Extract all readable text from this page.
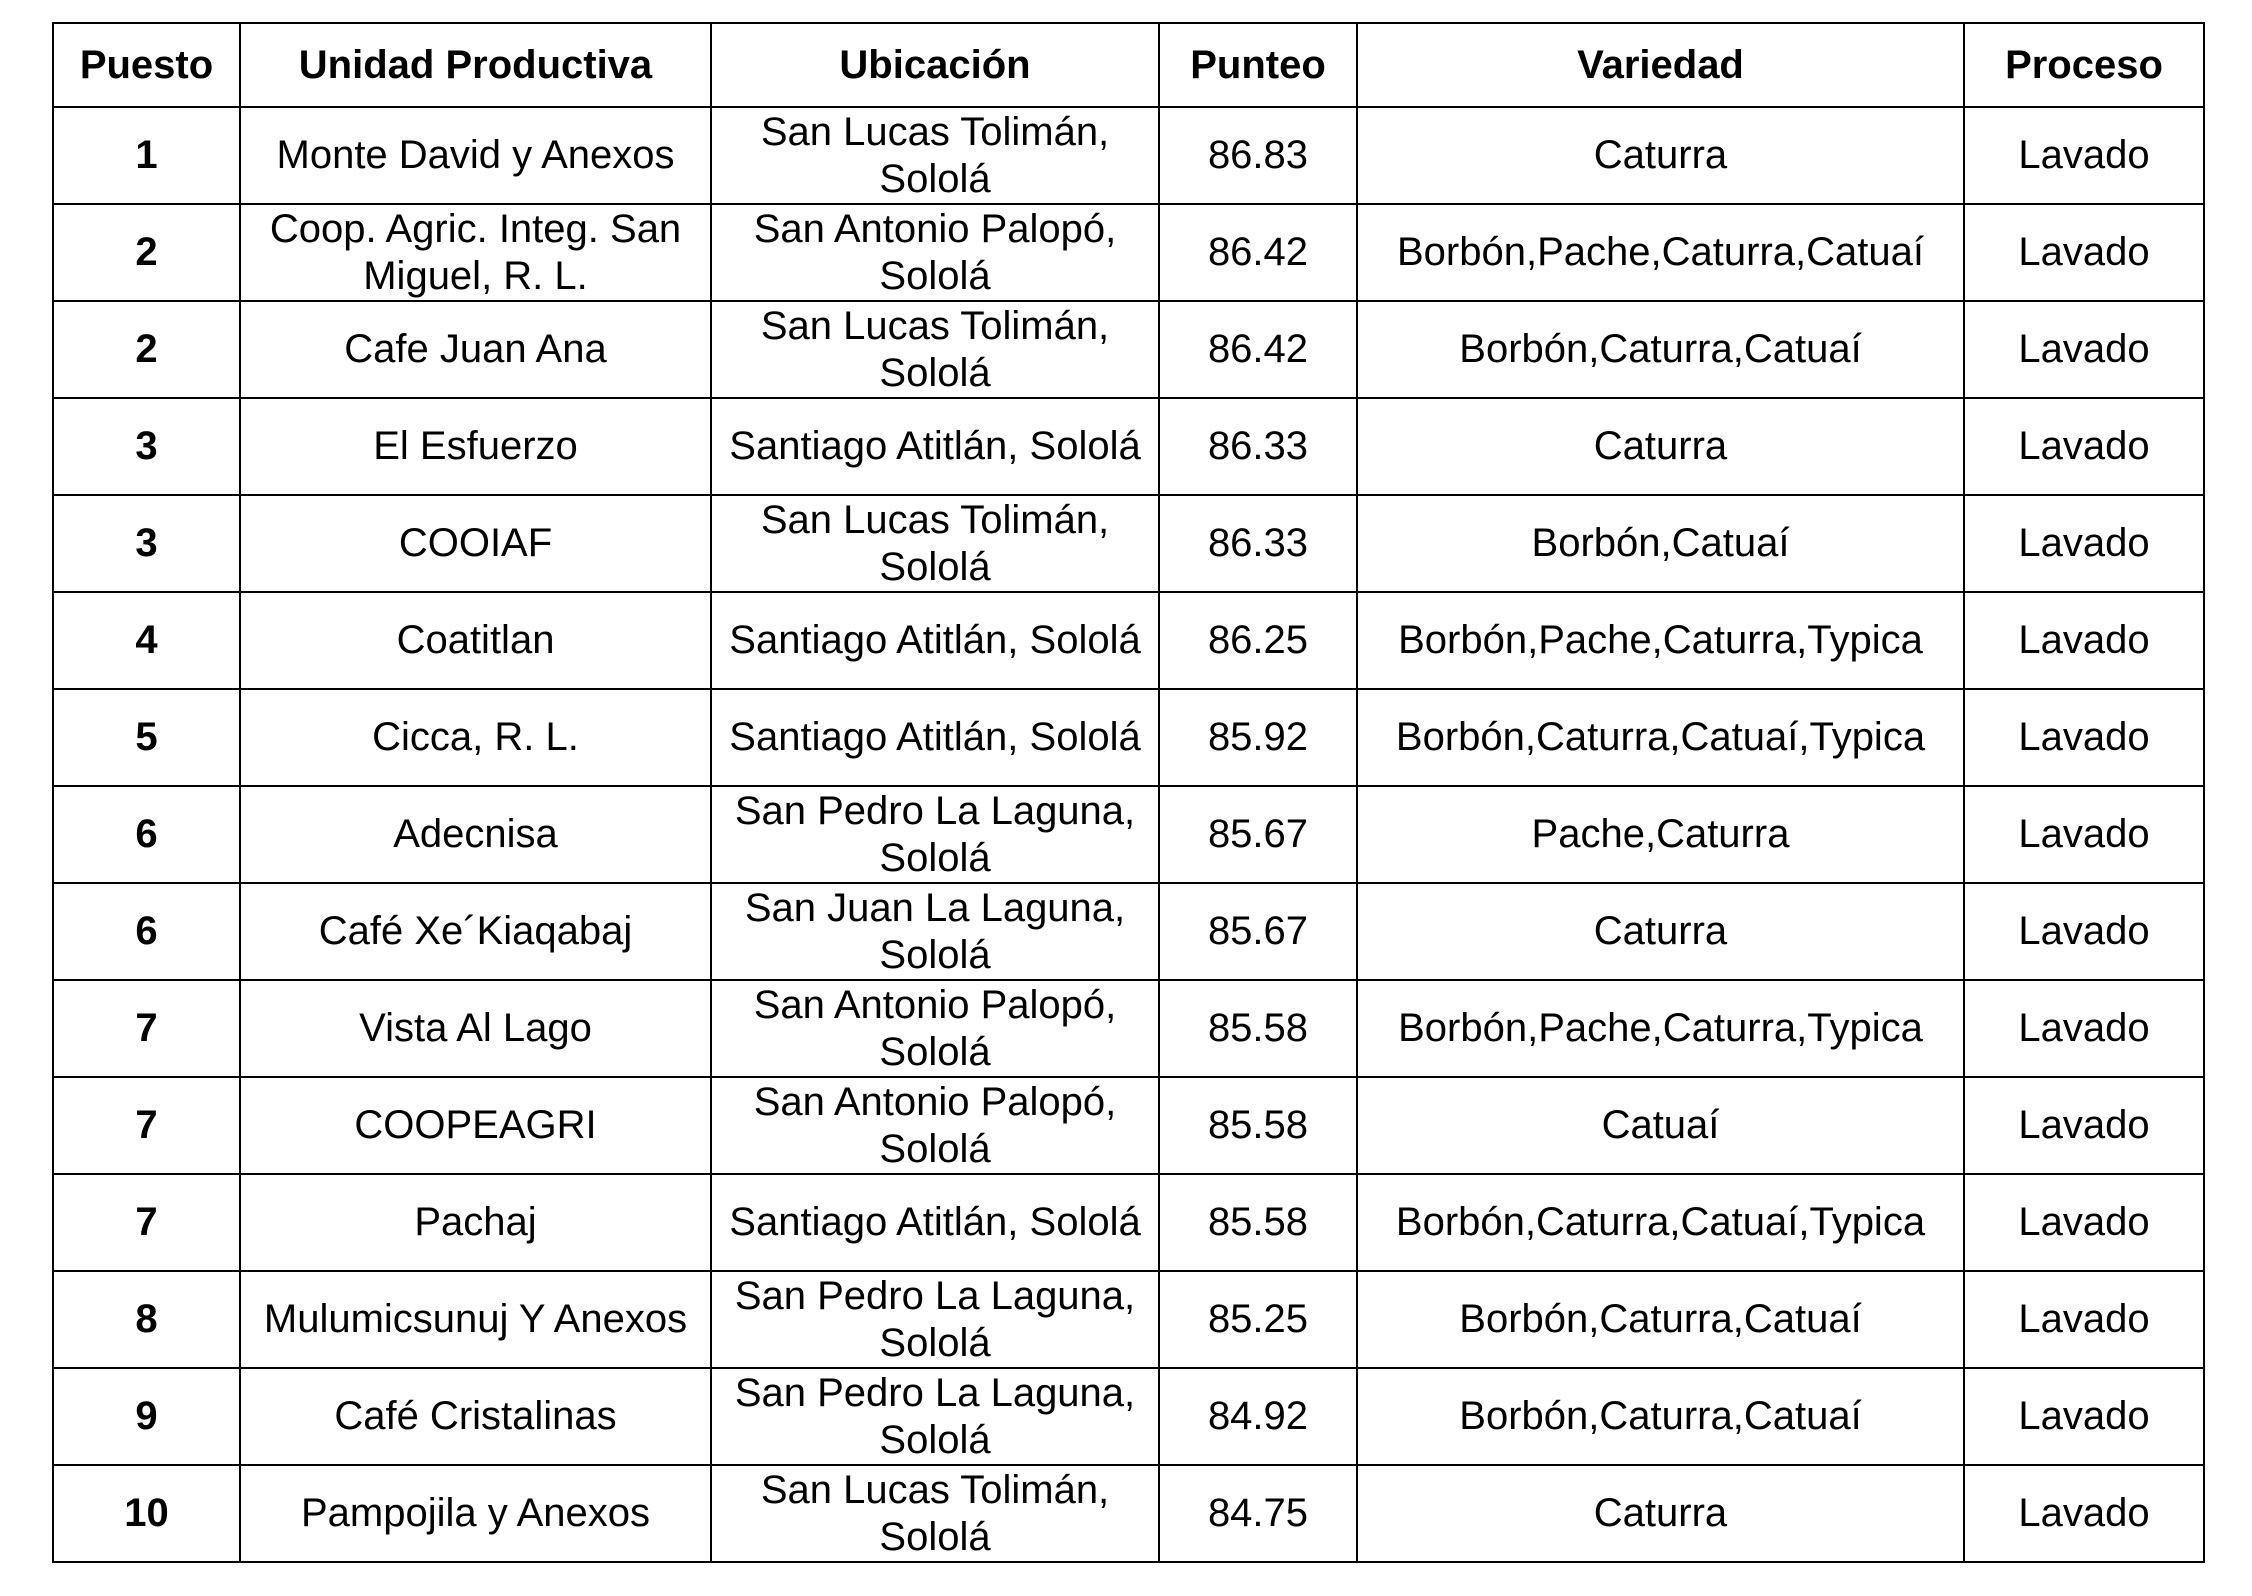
Puesto	Unidad Productiva	Ubicación	Punteo	Variedad	Proceso
1	Monte David y Anexos	San Lucas Tolimán, Sololá	86.83	Caturra	Lavado
2	Coop. Agric. Integ. San Miguel, R. L.	San Antonio Palopó, Sololá	86.42	Borbón,Pache,Caturra,Catuaí	Lavado
2	Cafe Juan Ana	San Lucas Tolimán, Sololá	86.42	Borbón,Caturra,Catuaí	Lavado
3	El Esfuerzo	Santiago Atitlán, Sololá	86.33	Caturra	Lavado
3	COOIAF	San Lucas Tolimán, Sololá	86.33	Borbón,Catuaí	Lavado
4	Coatitlan	Santiago Atitlán, Sololá	86.25	Borbón,Pache,Caturra,Typica	Lavado
5	Cicca, R. L.	Santiago Atitlán, Sololá	85.92	Borbón,Caturra,Catuaí,Typica	Lavado
6	Adecnisa	San Pedro La Laguna, Sololá	85.67	Pache,Caturra	Lavado
6	Café Xe´Kiaqabaj	San Juan La Laguna, Sololá	85.67	Caturra	Lavado
7	Vista Al Lago	San Antonio Palopó, Sololá	85.58	Borbón,Pache,Caturra,Typica	Lavado
7	COOPEAGRI	San Antonio Palopó, Sololá	85.58	Catuaí	Lavado
7	Pachaj	Santiago Atitlán, Sololá	85.58	Borbón,Caturra,Catuaí,Typica	Lavado
8	Mulumicsunuj Y Anexos	San Pedro La Laguna, Sololá	85.25	Borbón,Caturra,Catuaí	Lavado
9	Café Cristalinas	San Pedro La Laguna, Sololá	84.92	Borbón,Caturra,Catuaí	Lavado
10	Pampojila y Anexos	San Lucas Tolimán, Sololá	84.75	Caturra	Lavado
